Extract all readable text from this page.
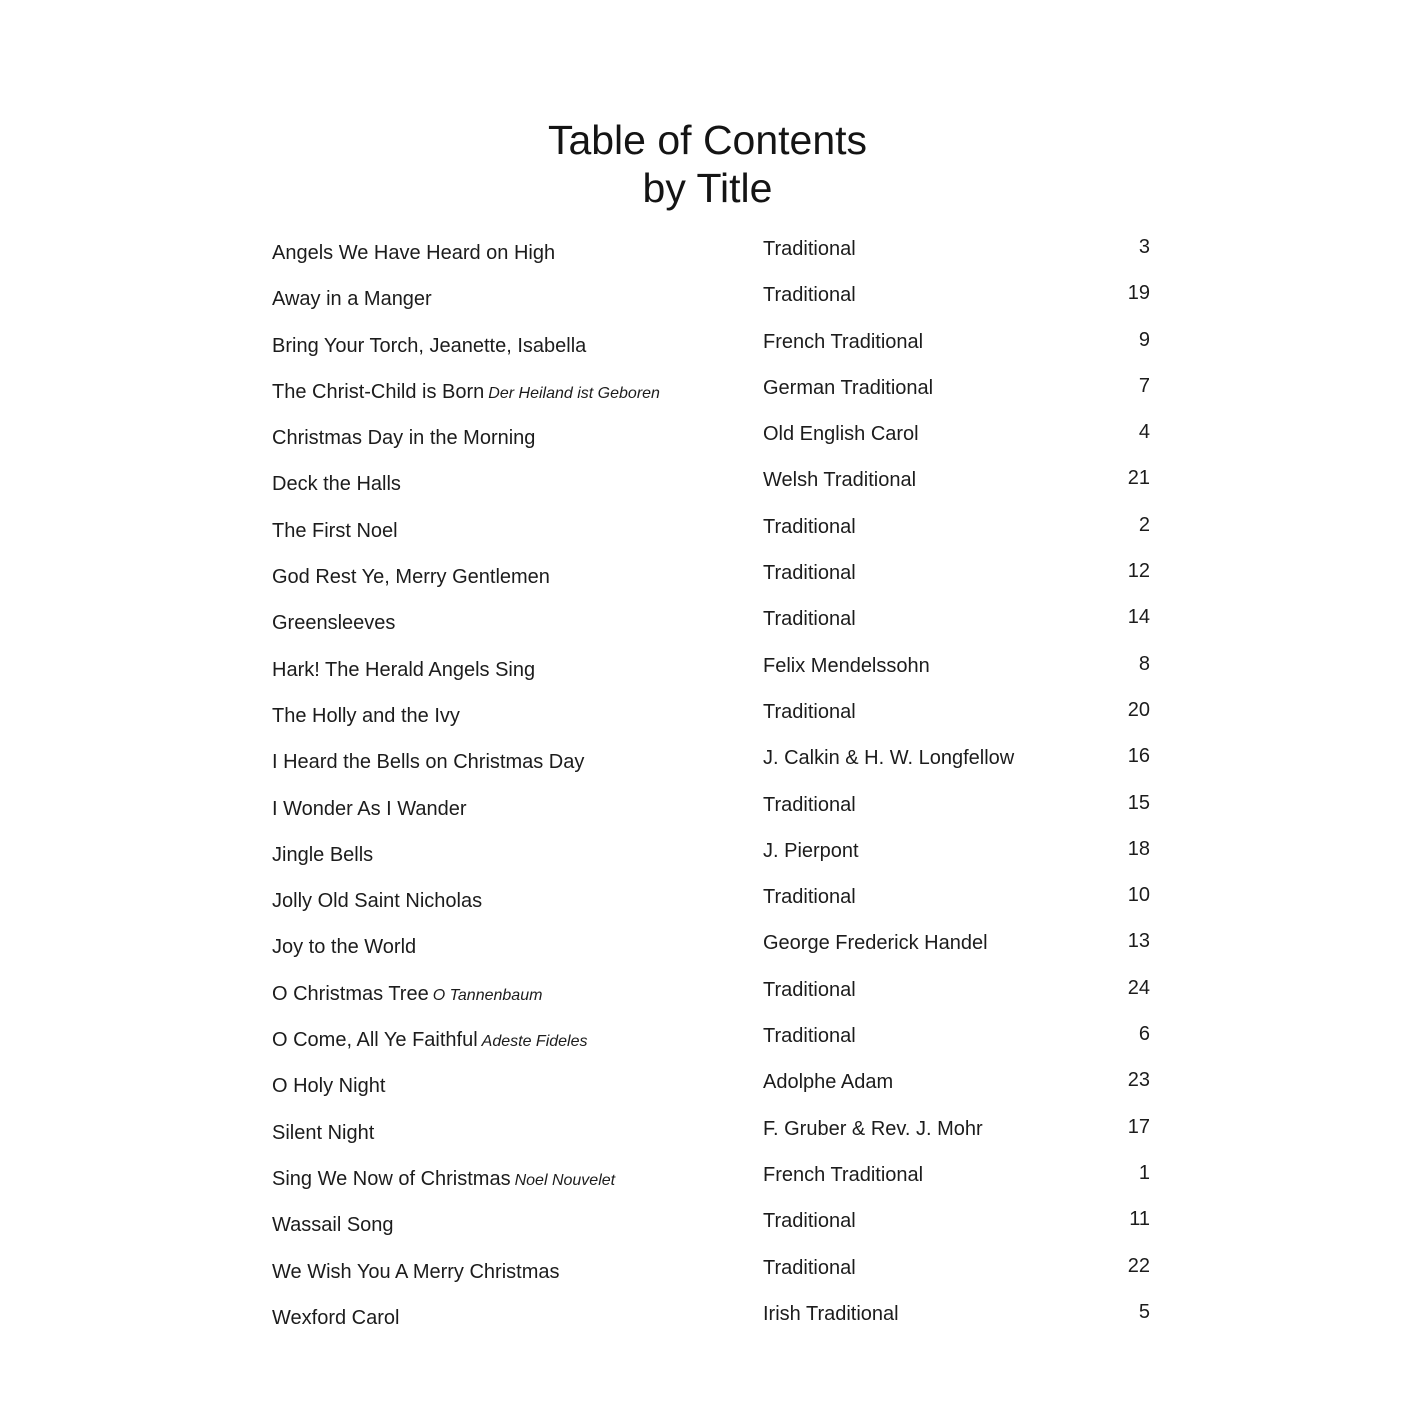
Table of Contents
by Title
Angels We Have Heard on High	Traditional	3
Away in a Manger	Traditional	19
Bring Your Torch, Jeanette, Isabella	French Traditional	9
The Christ-Child is Born Der Heiland ist Geboren	German Traditional	7
Christmas Day in the Morning	Old English Carol	4
Deck the Halls	Welsh Traditional	21
The First Noel	Traditional	2
God Rest Ye, Merry Gentlemen	Traditional	12
Greensleeves	Traditional	14
Hark! The Herald Angels Sing	Felix Mendelssohn	8
The Holly and the Ivy	Traditional	20
I Heard the Bells on Christmas Day	J. Calkin & H. W. Longfellow	16
I Wonder As I Wander	Traditional	15
Jingle Bells	J. Pierpont	18
Jolly Old Saint Nicholas	Traditional	10
Joy to the World	George Frederick Handel	13
O Christmas Tree O Tannenbaum	Traditional	24
O Come, All Ye Faithful Adeste Fideles	Traditional	6
O Holy Night	Adolphe Adam	23
Silent Night	F. Gruber & Rev. J. Mohr	17
Sing We Now of Christmas Noel Nouvelet	French Traditional	1
Wassail Song	Traditional	11
We Wish You A Merry Christmas	Traditional	22
Wexford Carol	Irish Traditional	5
